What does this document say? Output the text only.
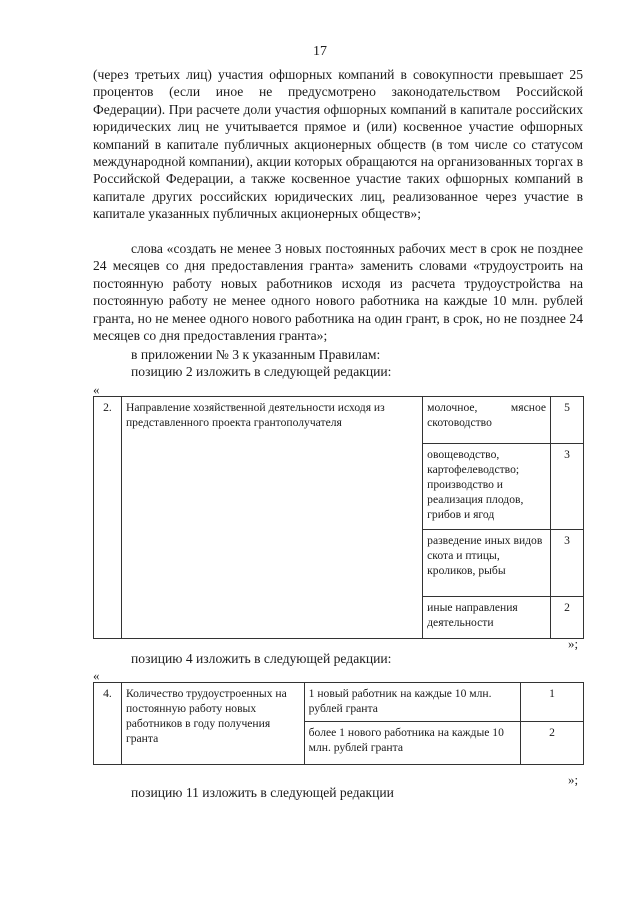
17

(через третьих лиц) участия офшорных компаний в совокупности превышает 25 процентов (если иное не предусмотрено законодательством Российской Федерации). При расчете доли участия офшорных компаний в капитале российских юридических лиц не учитывается прямое и (или) косвенное участие офшорных компаний в капитале публичных акционерных обществ (в том числе со статусом международной компании), акции которых обращаются на организованных торгах в Российской Федерации, а также косвенное участие таких офшорных компаний в капитале других российских юридических лиц, реализованное через участие в капитале указанных публичных акционерных обществ»;

слова «создать не менее 3 новых постоянных рабочих мест в срок не позднее 24 месяцев со дня предоставления гранта» заменить словами «трудоустроить на постоянную работу новых работников исходя из расчета трудоустройства на постоянную работу не менее одного нового работника на каждые 10 млн. рублей гранта, но не менее одного нового работника на один грант, в срок, но не позднее 24 месяцев со дня предоставления гранта»;

в приложении № 3 к указанным Правилам:

позицию 2 изложить в следующей редакции:

«
2.	Направление хозяйственной деятельности исходя из представленного проекта грантополучателя	молочное, мясное скотоводство	5
		овощеводство, картофелеводство; производство и реализация плодов, грибов и ягод	3
		разведение иных видов скота и птицы, кроликов, рыбы	3
		иные направления деятельности	2
»;

позицию 4 изложить в следующей редакции:

«
4.	Количество трудоустроенных на постоянную работу новых работников в году получения гранта	1 новый работник на каждые 10 млн. рублей гранта	1
		более 1 нового работника на каждые 10 млн. рублей гранта	2
»;

позицию 11 изложить в следующей редакции
